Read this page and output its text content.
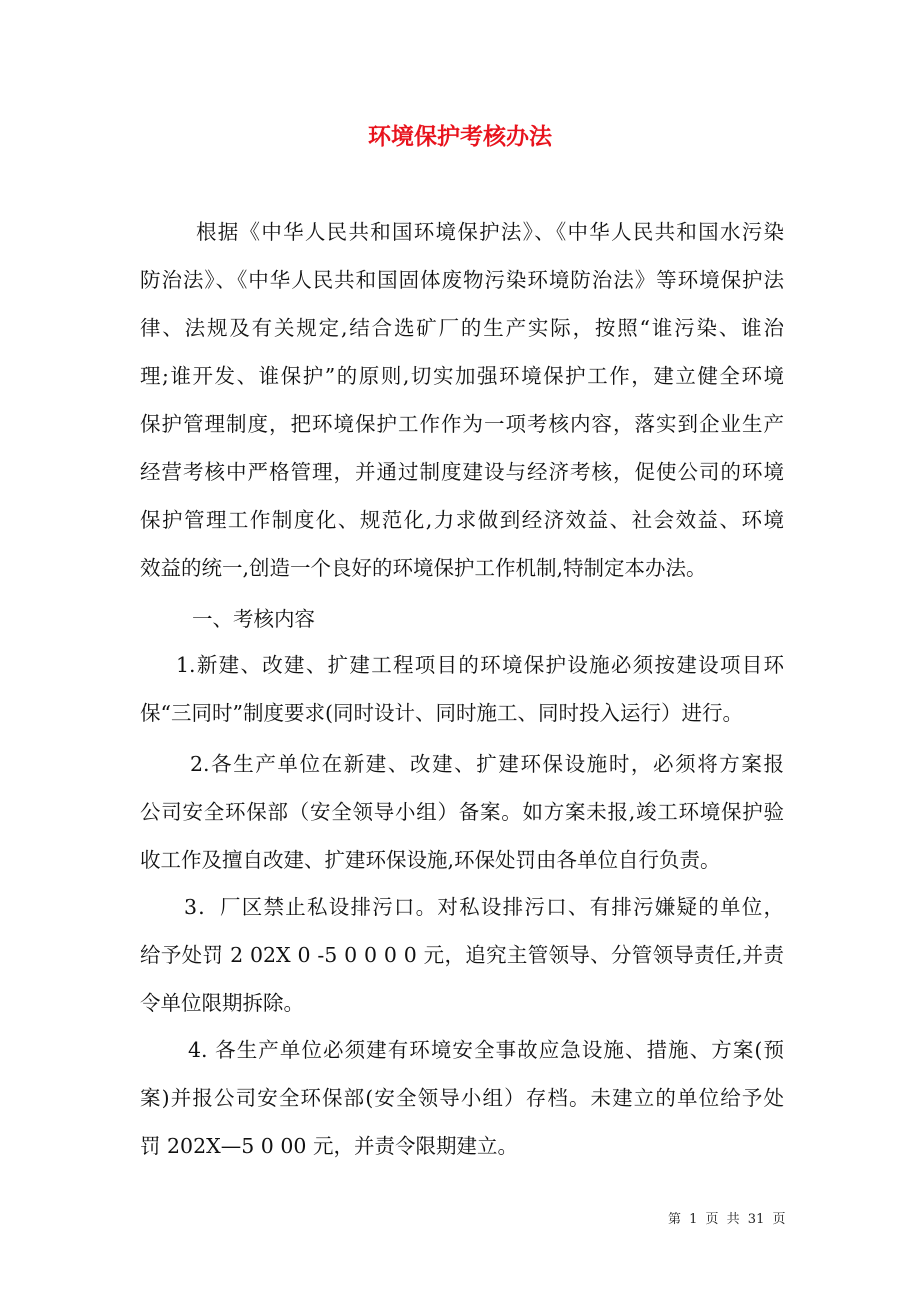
环境保护考核办法
根据《中华人民共和国环境保护法》、《中华人民共和国水污染
防治法》、《中华人民共和国固体废物污染环境防治法》等环境保护法
律、法规及有关规定,结合选矿厂的生产实际，按照“谁污染、谁治
理;谁开发、谁保护”的原则,切实加强环境保护工作，建立健全环境
保护管理制度，把环境保护工作作为一项考核内容，落实到企业生产
经营考核中严格管理，并通过制度建设与经济考核，促使公司的环境
保护管理工作制度化、规范化,力求做到经济效益、社会效益、环境
效益的统一,创造一个良好的环境保护工作机制,特制定本办法。
一、考核内容
1.新建、改建、扩建工程项目的环境保护设施必须按建设项目环
保“三同时”制度要求(同时设计、同时施工、同时投入运行）进行。
2.各生产单位在新建、改建、扩建环保设施时，必须将方案报
公司安全环保部（安全领导小组）备案。如方案未报,竣工环境保护验
收工作及擅自改建、扩建环保设施,环保处罚由各单位自行负责。
3．厂区禁止私设排污口。对私设排污口、有排污嫌疑的单位，
给予处罚 2 02X 0 -5 0 0 0 0 元，追究主管领导、分管领导责任,并责
令单位限期拆除。
4. 各生产单位必须建有环境安全事故应急设施、措施、方案(预
案)并报公司安全环保部(安全领导小组）存档。未建立的单位给予处
罚 202X—5 0 00 元，并责令限期建立。
第 1 页 共 31 页
